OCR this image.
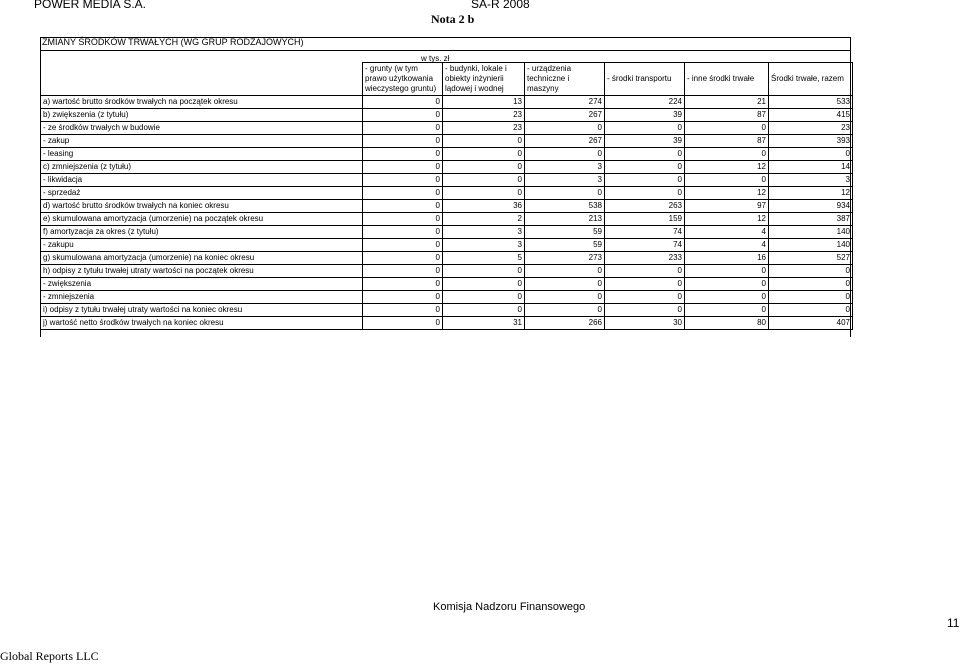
POWER MEDIA S.A.	SA-R 2008
Nota 2 b
ZMIANY ŚRODKÓW TRWAŁYCH (WG GRUP RODZAJOWYCH)
w tys. zł
	- grunty (w tym prawo użytkowania wieczystego gruntu)	- budynki, lokale i obiekty inżynierii lądowej i wodnej	- urządzenia techniczne i maszyny	- środki transportu	- inne środki trwałe	Środki trwałe, razem
a) wartość brutto środków trwałych na początek okresu	0	13	274	224	21	533
b) zwiększenia (z tytułu)	0	23	267	39	87	415
- ze środków trwałych w budowie	0	23	0	0	0	23
- zakup	0	0	267	39	87	393
- leasing	0	0	0	0	0	0
c) zmniejszenia (z tytułu)	0	0	3	0	12	14
- likwidacja	0	0	3	0	0	3
- sprzedaż	0	0	0	0	12	12
d) wartość brutto środków trwałych na koniec okresu	0	36	538	263	97	934
e) skumulowana amortyzacja (umorzenie) na początek okresu	0	2	213	159	12	387
f) amortyzacja za okres (z tytułu)	0	3	59	74	4	140
- zakupu	0	3	59	74	4	140
g) skumulowana amortyzacja (umorzenie) na koniec okresu	0	5	273	233	16	527
h) odpisy z tytułu trwałej utraty wartości na początek okresu	0	0	0	0	0	0
- zwiększenia	0	0	0	0	0	0
- zmniejszenia	0	0	0	0	0	0
i) odpisy z tytułu trwałej utraty wartości na koniec okresu	0	0	0	0	0	0
j) wartość netto środków trwałych na koniec okresu	0	31	266	30	80	407
Komisja Nadzoru Finansowego
11
Global Reports LLC
